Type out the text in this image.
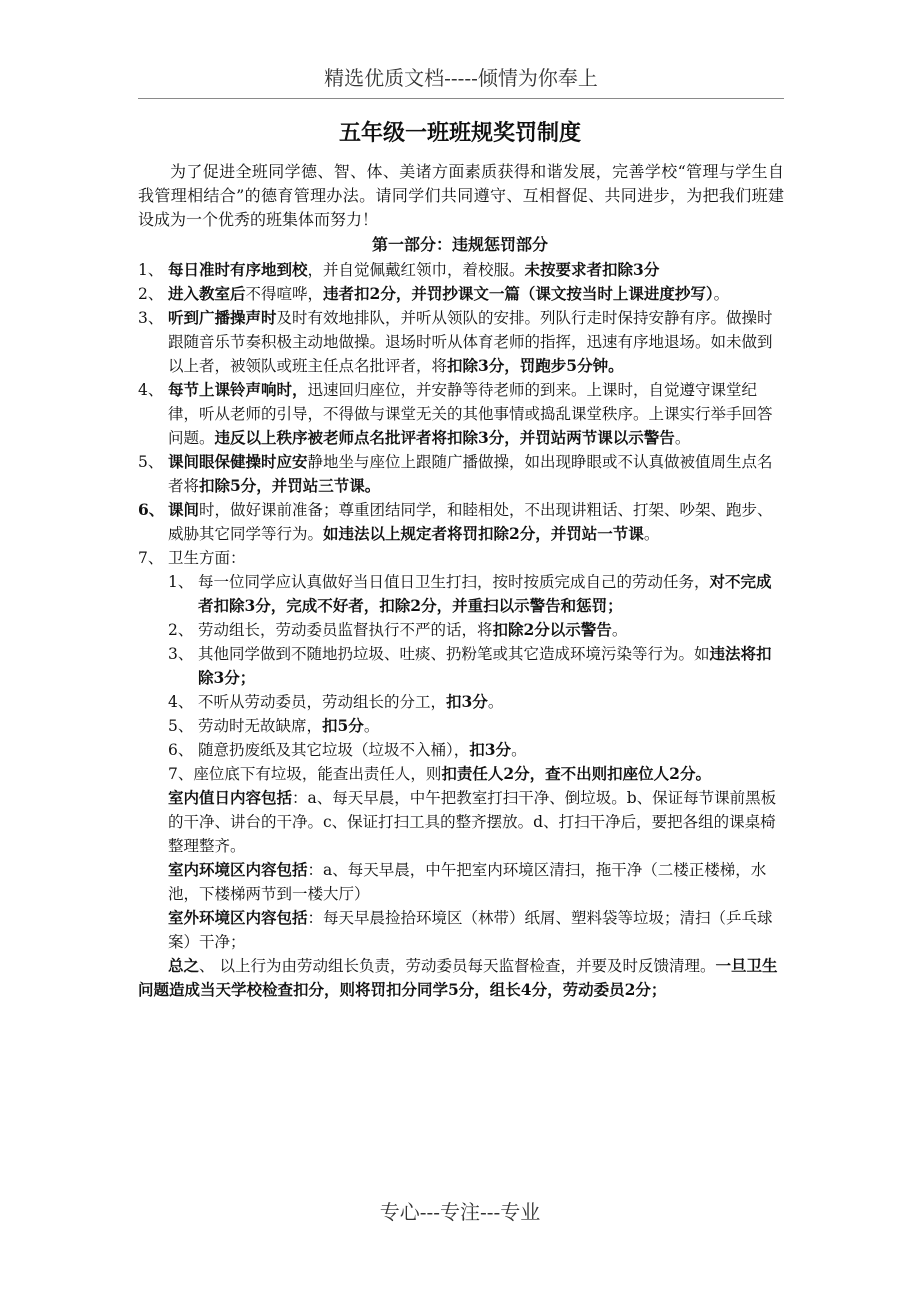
精选优质文档-----倾情为你奉上
五年级一班班规奖罚制度
为了促进全班同学德、智、体、美诸方面素质获得和谐发展，完善学校“管理与学生自我管理相结合”的德育管理办法。请同学们共同遵守、互相督促、共同进步，为把我们班建设成为一个优秀的班集体而努力！
第一部分：违规惩罚部分
1、 每日准时有序地到校，并自觉佩戴红领巾，着校服。未按要求者扣除3分
2、 进入教室后不得喧哗，违者扣2分，并罚抄课文一篇（课文按当时上课进度抄写）。
3、 听到广播操声时及时有效地排队，并听从领队的安排。列队行走时保持安静有序。做操时跟随音乐节奏积极主动地做操。退场时听从体育老师的指挥，迅速有序地退场。如未做到以上者，被领队或班主任点名批评者，将扣除3分，罚跑步5分钟。
4、 每节上课铃声响时，迅速回归座位，并安静等待老师的到来。上课时，自觉遵守课堂纪律，听从老师的引导，不得做与课堂无关的其他事情或捣乱课堂秩序。上课实行举手回答问题。违反以上秩序被老师点名批评者将扣除3分，并罚站两节课以示警告。
5、 课间眼保健操时应安静地坐与座位上跟随广播做操，如出现睁眼或不认真做被值周生点名者将扣除5分，并罚站三节课。
6、 课间时，做好课前准备；尊重团结同学，和睦相处，不出现讲粗话、打架、吵架、跑步、威胁其它同学等行为。如违法以上规定者将罚扣除2分，并罚站一节课。
7、 卫生方面：
1、 每一位同学应认真做好当日值日卫生打扫，按时按质完成自己的劳动任务，对不完成者扣除3分，完成不好者，扣除2分，并重扫以示警告和惩罚；
2、 劳动组长，劳动委员监督执行不严的话，将扣除2分以示警告。
3、 其他同学做到不随地扔垃圾、吐痰、扔粉笔或其它造成环境污染等行为。如违法将扣除3分；
4、 不听从劳动委员，劳动组长的分工，扣3分。
5、 劳动时无故缺席，扣5分。
6、 随意扔废纸及其它垃圾（垃圾不入桶），扣3分。
7、座位底下有垃圾，能查出责任人，则扣责任人2分，查不出则扣座位人2分。
室内值日内容包括：a、每天早晨，中午把教室打扫干净、倒垃圾。b、保证每节课前黑板的干净、讲台的干净。c、保证打扫工具的整齐摆放。d、打扫干净后，要把各组的课桌椅整理整齐。
室内环境区内容包括：a、每天早晨，中午把室内环境区清扫，拖干净（二楼正楼梯，水池，下楼梯两节到一楼大厅）
室外环境区内容包括：每天早晨捡拾环境区（林带）纸屑、塑料袋等垃圾；清扫（乒乓球案）干净；
总之、 以上行为由劳动组长负责，劳动委员每天监督检查，并要及时反馈清理。一旦卫生问题造成当天学校检查扣分，则将罚扣分同学5分，组长4分，劳动委员2分；
专心---专注---专业
